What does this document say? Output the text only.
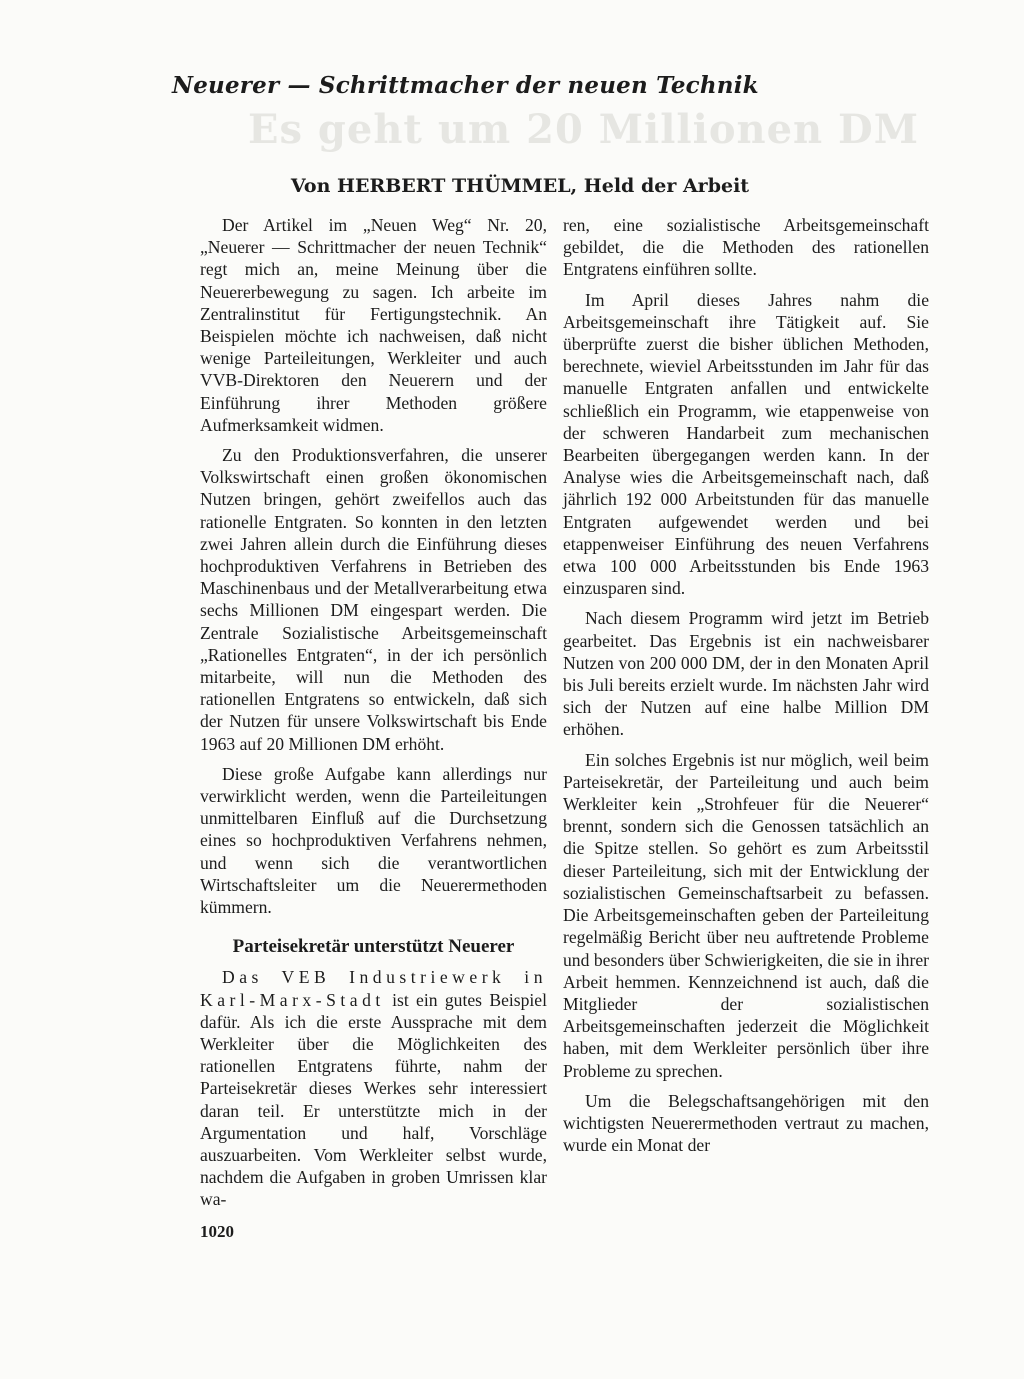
Neuerer — Schrittmacher der neuen Technik
Es geht um 20 Millionen DM
Von HERBERT THÜMMEL, Held der Arbeit

Der Artikel im „Neuen Weg“ Nr. 20, „Neuerer — Schrittmacher der neuen Technik“ regt mich an, meine Meinung über die Neuererbewegung zu sagen. Ich arbeite im Zentralinstitut für Fertigungstechnik. An Beispielen möchte ich nachweisen, daß nicht wenige Parteileitungen, Werkleiter und auch VVB-Direktoren den Neuerern und der Einführung ihrer Methoden größere Aufmerksamkeit widmen.

Zu den Produktionsverfahren, die unserer Volkswirtschaft einen großen ökonomischen Nutzen bringen, gehört zweifellos auch das rationelle Entgraten. So konnten in den letzten zwei Jahren allein durch die Einführung dieses hochproduktiven Verfahrens in Betrieben des Maschinenbaus und der Metallverarbeitung etwa sechs Millionen DM eingespart werden. Die Zentrale Sozialistische Arbeitsgemeinschaft „Rationelles Entgraten“, in der ich persönlich mitarbeite, will nun die Methoden des rationellen Entgratens so entwickeln, daß sich der Nutzen für unsere Volkswirtschaft bis Ende 1963 auf 20 Millionen DM erhöht.

Diese große Aufgabe kann allerdings nur verwirklicht werden, wenn die Parteileitungen unmittelbaren Einfluß auf die Durchsetzung eines so hochproduktiven Verfahrens nehmen, und wenn sich die verantwortlichen Wirtschaftsleiter um die Neuerermethoden kümmern.

Parteisekretär unterstützt Neuerer

Das VEB Industriewerk in Karl-Marx-Stadt ist ein gutes Beispiel dafür. Als ich die erste Aussprache mit dem Werkleiter über die Möglichkeiten des rationellen Entgratens führte, nahm der Parteisekretär dieses Werkes sehr interessiert daran teil. Er unterstützte mich in der Argumentation und half, Vorschläge auszuarbeiten. Vom Werkleiter selbst wurde, nachdem die Aufgaben in groben Umrissen klar wa-

ren, eine sozialistische Arbeitsgemeinschaft gebildet, die die Methoden des rationellen Entgratens einführen sollte.

Im April dieses Jahres nahm die Arbeitsgemeinschaft ihre Tätigkeit auf. Sie überprüfte zuerst die bisher üblichen Methoden, berechnete, wieviel Arbeitsstunden im Jahr für das manuelle Entgraten anfallen und entwickelte schließlich ein Programm, wie etappenweise von der schweren Handarbeit zum mechanischen Bearbeiten übergegangen werden kann. In der Analyse wies die Arbeitsgemeinschaft nach, daß jährlich 192 000 Arbeitstunden für das manuelle Entgraten aufgewendet werden und bei etappenweiser Einführung des neuen Verfahrens etwa 100 000 Arbeitsstunden bis Ende 1963 einzusparen sind.

Nach diesem Programm wird jetzt im Betrieb gearbeitet. Das Ergebnis ist ein nachweisbarer Nutzen von 200 000 DM, der in den Monaten April bis Juli bereits erzielt wurde. Im nächsten Jahr wird sich der Nutzen auf eine halbe Million DM erhöhen.

Ein solches Ergebnis ist nur möglich, weil beim Parteisekretär, der Parteileitung und auch beim Werkleiter kein „Strohfeuer für die Neuerer“ brennt, sondern sich die Genossen tatsächlich an die Spitze stellen. So gehört es zum Arbeitsstil dieser Parteileitung, sich mit der Entwicklung der sozialistischen Gemeinschaftsarbeit zu befassen. Die Arbeitsgemeinschaften geben der Parteileitung regelmäßig Bericht über neu auftretende Probleme und besonders über Schwierigkeiten, die sie in ihrer Arbeit hemmen. Kennzeichnend ist auch, daß die Mitglieder der sozialistischen Arbeitsgemeinschaften jederzeit die Möglichkeit haben, mit dem Werkleiter persönlich über ihre Probleme zu sprechen.

Um die Belegschaftsangehörigen mit den wichtigsten Neuerermethoden vertraut zu machen, wurde ein Monat der

1020
